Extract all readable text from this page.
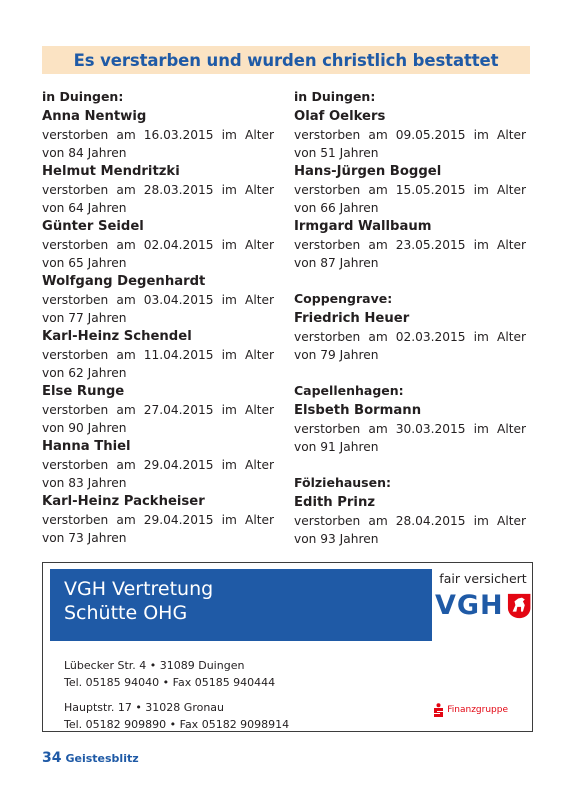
Es verstarben und wurden christlich bestattet
in Duingen:
Anna Nentwig
verstorben am 16.03.2015 im Alter
von 84 Jahren
Helmut Mendritzki
verstorben am 28.03.2015 im Alter
von 64 Jahren
Günter Seidel
verstorben am 02.04.2015 im Alter
von 65 Jahren
Wolfgang Degenhardt
verstorben am 03.04.2015 im Alter
von 77 Jahren
Karl-Heinz Schendel
verstorben am 11.04.2015 im Alter
von 62 Jahren
Else Runge
verstorben am 27.04.2015 im Alter
von 90 Jahren
Hanna Thiel
verstorben am 29.04.2015 im Alter
von 83 Jahren
Karl-Heinz Packheiser
verstorben am 29.04.2015 im Alter
von 73 Jahren
in Duingen:
Olaf Oelkers
verstorben am 09.05.2015 im Alter
von 51 Jahren
Hans-Jürgen Boggel
verstorben am 15.05.2015 im Alter
von 66 Jahren
Irmgard Wallbaum
verstorben am 23.05.2015 im Alter
von 87 Jahren
Coppengrave:
Friedrich Heuer
verstorben am 02.03.2015 im Alter
von 79 Jahren
Capellenhagen:
Elsbeth Bormann
verstorben am 30.03.2015 im Alter
von 91 Jahren
Fölziehausen:
Edith Prinz
verstorben am 28.04.2015 im Alter
von 93 Jahren
VGH Vertretung
Schütte OHG
fair versichert
VGH
Lübecker Str. 4 • 31089 Duingen
Tel. 05185 94040 • Fax 05185 940444
Hauptstr. 17 • 31028 Gronau
Tel. 05182 909890 • Fax 05182 9098914
Finanzgruppe
34 Geistesblitz
